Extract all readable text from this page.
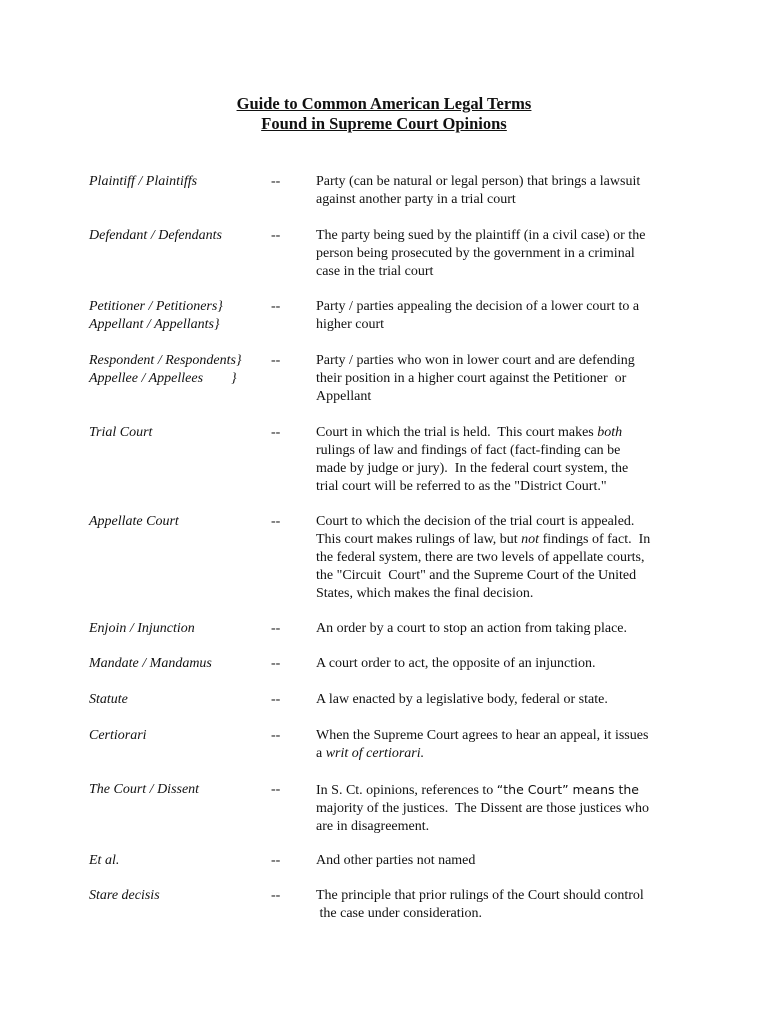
Guide to Common American Legal Terms
Found in Supreme Court Opinions
Plaintiff / Plaintiffs	--	Party (can be natural or legal person) that brings a lawsuit
against another party in a trial court
Defendant / Defendants	--	The party being sued by the plaintiff (in a civil case) or the
person being prosecuted by the government in a criminal
case in the trial court
Petitioner / Petitioners}
Appellant / Appellants}
--	Party / parties appealing the decision of a lower court to a
higher court
Respondent / Respondents}
Appellee / Appellees        }
--	Party / parties who won in lower court and are defending
their position in a higher court against the Petitioner  or
Appellant
Trial Court	--	Court in which the trial is held.  This court makes both
rulings of law and findings of fact (fact-finding can be
made by judge or jury).  In the federal court system, the
trial court will be referred to as the "District Court."
Appellate Court	--	Court to which the decision of the trial court is appealed.
This court makes rulings of law, but not findings of fact.  In
the federal system, there are two levels of appellate courts,
the "Circuit  Court" and the Supreme Court of the United
States, which makes the final decision.
Enjoin / Injunction	--	An order by a court to stop an action from taking place.
Mandate / Mandamus	--	A court order to act, the opposite of an injunction.
Statute	--	A law enacted by a legislative body, federal or state.
Certiorari	--	When the Supreme Court agrees to hear an appeal, it issues
a writ of certiorari.
The Court / Dissent	--	In S. Ct. opinions, references to “the Court” means the
majority of the justices.  The Dissent are those justices who
are in disagreement.
Et al.	--	And other parties not named
Stare decisis	--	The principle that prior rulings of the Court should control
the case under consideration.
